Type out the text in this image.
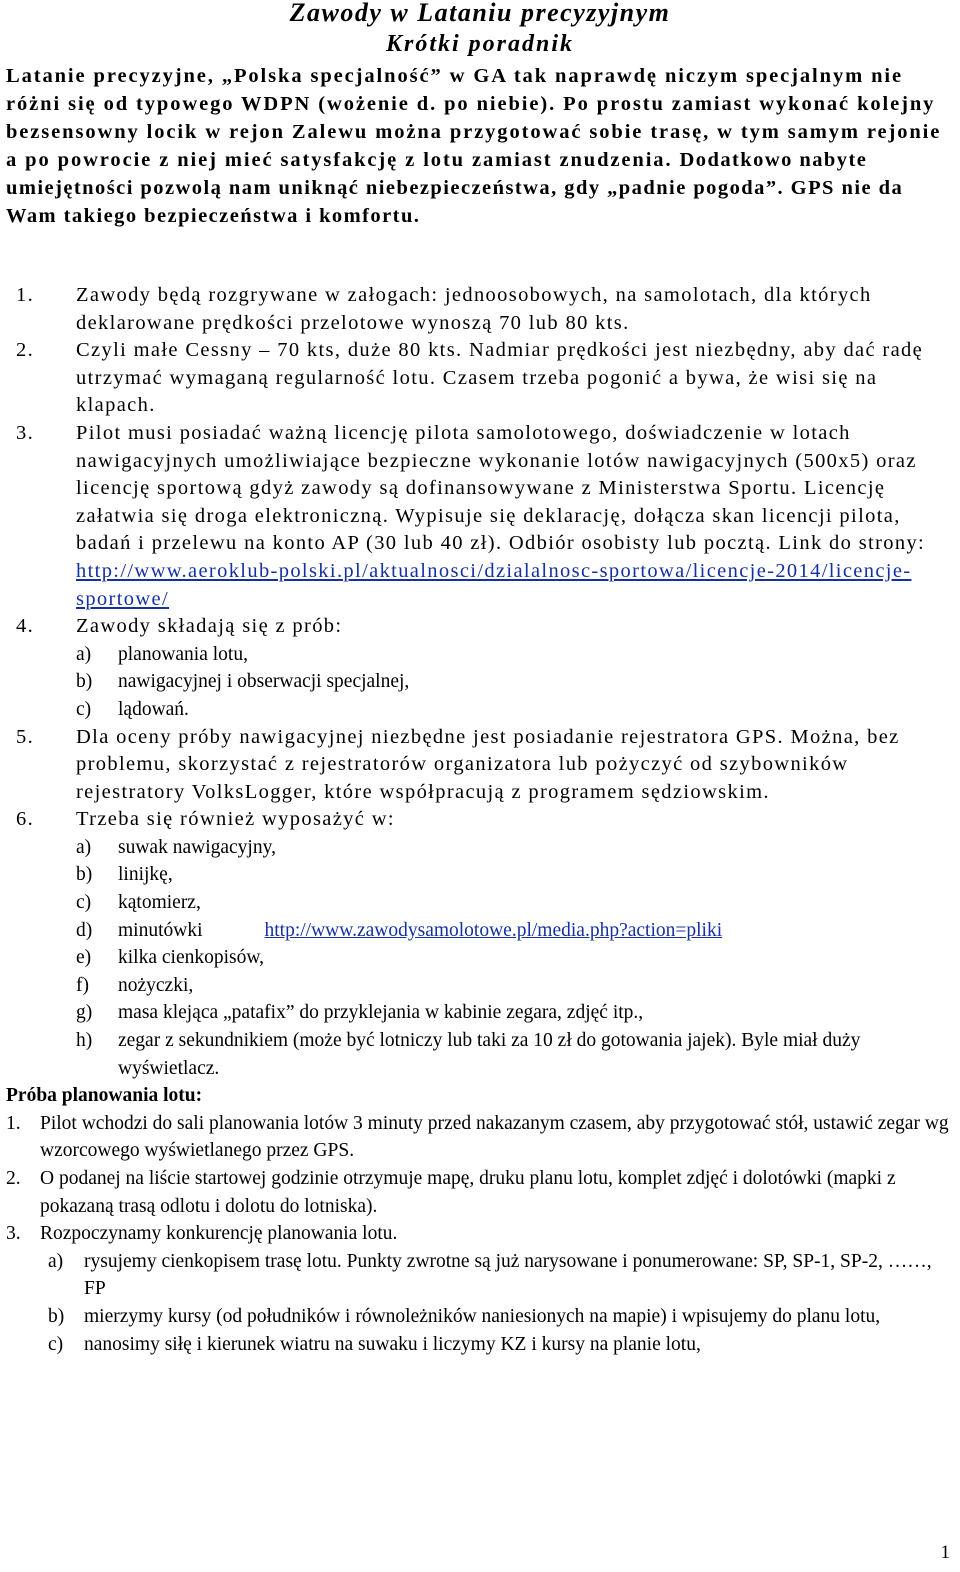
Zawody w Lataniu precyzyjnym
Krótki poradnik
Latanie precyzyjne, „Polska specjalność” w GA tak naprawdę niczym specjalnym nie różni się od typowego WDPN (wożenie d. po niebie). Po prostu zamiast wykonać kolejny bezsensowny locik w rejon Zalewu można przygotować sobie trasę, w tym samym rejonie a po powrocie z niej mieć satysfakcję z lotu zamiast znudzenia. Dodatkowo nabyte umiejętności pozwolą nam uniknąć niebezpieczeństwa, gdy „padnie pogoda”. GPS nie da Wam takiego bezpieczeństwa i komfortu.
1. Zawody będą rozgrywane w załogach: jednoosobowych, na samolotach, dla których deklarowane prędkości przelotowe wynoszą 70 lub 80 kts.
2. Czyli małe Cessny – 70 kts, duże 80 kts. Nadmiar prędkości jest niezbędny, aby dać radę utrzymać wymaganą regularność lotu. Czasem trzeba pogonić a bywa, że wisi się na klapach.
3. Pilot musi posiadać ważną licencję pilota samolotowego, doświadczenie w lotach nawigacyjnych umożliwiające bezpieczne wykonanie lotów nawigacyjnych (500x5) oraz licencję sportową gdyż zawody są dofinansowywane z Ministerstwa Sportu. Licencję załatwia się droga elektroniczną. Wypisuje się deklarację, dołącza skan licencji pilota, badań i przelewu na konto AP (30 lub 40 zł). Odbiór osobisty lub pocztą. Link do strony: http://www.aeroklub-polski.pl/aktualnosci/dzialalnosc-sportowa/licencje-2014/licencje-sportowe/
4. Zawody składają się z prób:
a) planowania lotu,
b) nawigacyjnej i obserwacji specjalnej,
c) lądowań.
5. Dla oceny próby nawigacyjnej niezbędne jest posiadanie rejestratora GPS. Można, bez problemu, skorzystać z rejestratorów organizatora lub pożyczyć od szybowników rejestratory VolksLogger, które współpracują z programem sędziowskim.
6. Trzeba się również wyposażyć w:
a) suwak nawigacyjny,
b) linijkę,
c) kątomierz,
d) minutówki	http://www.zawodysamolotowe.pl/media.php?action=pliki
e) kilka cienkopisów,
f) nożyczki,
g) masa klejąca „patafix” do przyklejania w kabinie zegara, zdjęć itp.,
h) zegar z sekundnikiem (może być lotniczy lub taki za 10 zł do gotowania jajek). Byle miał duży wyświetlacz.
Próba planowania lotu:
1. Pilot wchodzi do sali planowania lotów 3 minuty przed nakazanym czasem, aby przygotować stół, ustawić zegar wg wzorcowego wyświetlanego przez GPS.
2. O podanej na liście startowej godzinie otrzymuje mapę, druku planu lotu, komplet zdjęć i dolotówki (mapki z pokazaną trasą odlotu i dolotu do lotniska).
3. Rozpoczynamy konkurencję planowania lotu.
a) rysujemy cienkopisem trasę lotu. Punkty zwrotne są już narysowane i ponumerowane: SP, SP-1, SP-2, ……, FP
b) mierzymy kursy (od południków i równoleżników naniesionych na mapie) i wpisujemy do planu lotu,
c) nanosimy siłę i kierunek wiatru na suwaku i liczymy KZ i kursy na planie lotu,
1
